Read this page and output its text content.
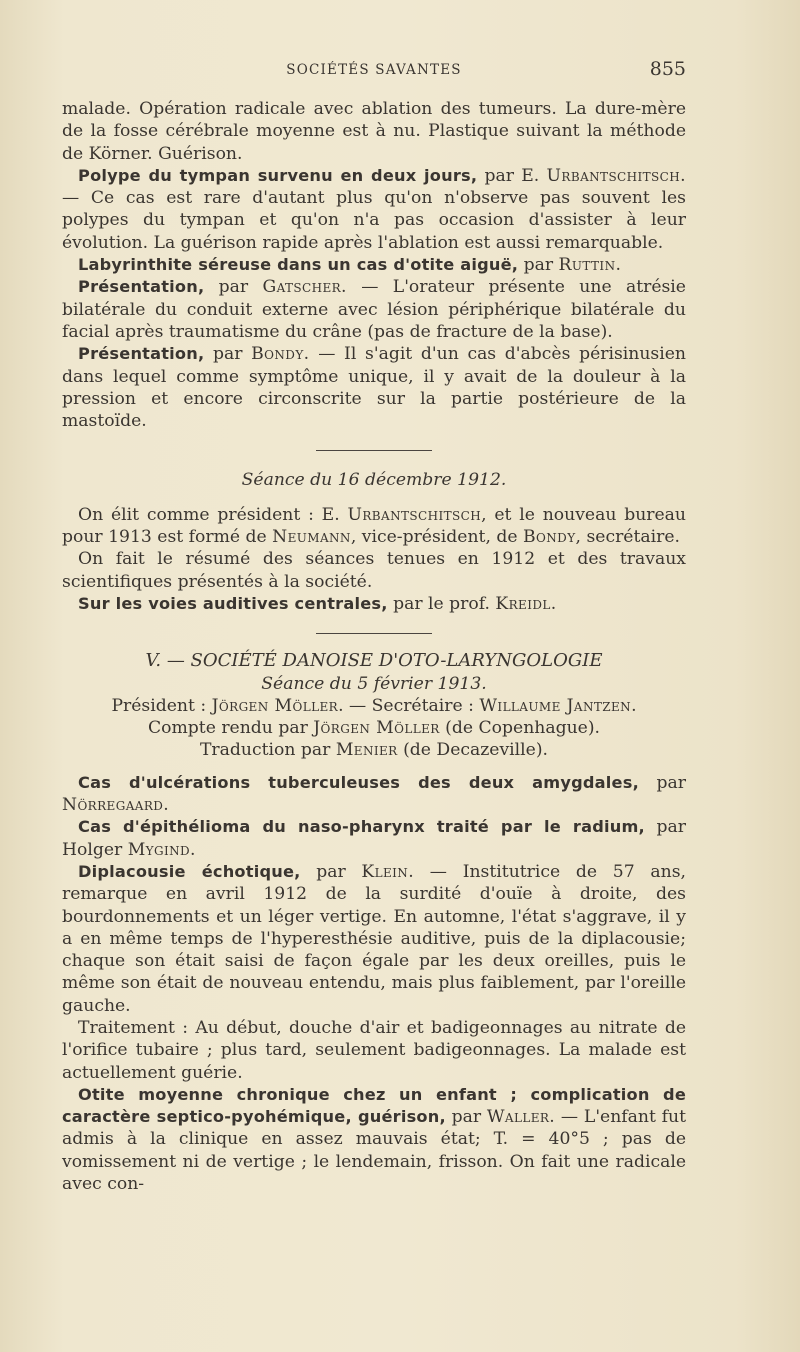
SOCIÉTÉS SAVANTES	855

malade. Opération radicale avec ablation des tumeurs. La dure-mère de la fosse cérébrale moyenne est à nu. Plastique suivant la méthode de Körner. Guérison.

Polype du tympan survenu en deux jours, par E. Urbantschitsch. — Ce cas est rare d'autant plus qu'on n'observe pas souvent les polypes du tympan et qu'on n'a pas occasion d'assister à leur évolution. La guérison rapide après l'ablation est aussi remarquable.

Labyrinthite séreuse dans un cas d'otite aiguë, par Ruttin.

Présentation, par Gatscher. — L'orateur présente une atrésie bilatérale du conduit externe avec lésion périphérique bilatérale du facial après traumatisme du crâne (pas de fracture de la base).

Présentation, par Bondy. — Il s'agit d'un cas d'abcès périsinusien dans lequel comme symptôme unique, il y avait de la douleur à la pression et encore circonscrite sur la partie postérieure de la mastoïde.

Séance du 16 décembre 1912.

On élit comme président : E. Urbantschitsch, et le nouveau bureau pour 1913 est formé de Neumann, vice-président, de Bondy, secrétaire.

On fait le résumé des séances tenues en 1912 et des travaux scientifiques présentés à la société.

Sur les voies auditives centrales, par le prof. Kreidl.

V. — SOCIÉTÉ DANOISE D'OTO-LARYNGOLOGIE

Séance du 5 février 1913.

Président : Jörgen Möller. — Secrétaire : Willaume Jantzen.

Compte rendu par Jörgen Möller (de Copenhague).

Traduction par Menier (de Decazeville).

Cas d'ulcérations tuberculeuses des deux amygdales, par Nörregaard.

Cas d'épithélioma du naso-pharynx traité par le radium, par Holger Mygind.

Diplacousie échotique, par Klein. — Institutrice de 57 ans, remarque en avril 1912 de la surdité d'ouïe à droite, des bourdonnements et un léger vertige. En automne, l'état s'aggrave, il y a en même temps de l'hyperesthésie auditive, puis de la diplacousie; chaque son était saisi de façon égale par les deux oreilles, puis le même son était de nouveau entendu, mais plus faiblement, par l'oreille gauche.

Traitement : Au début, douche d'air et badigeonnages au nitrate de l'orifice tubaire ; plus tard, seulement badigeonnages. La malade est actuellement guérie.

Otite moyenne chronique chez un enfant ; complication de caractère septico-pyohémique, guérison, par Waller. — L'enfant fut admis à la clinique en assez mauvais état; T. = 40°5 ; pas de vomissement ni de vertige ; le lendemain, frisson. On fait une radicale avec con-
